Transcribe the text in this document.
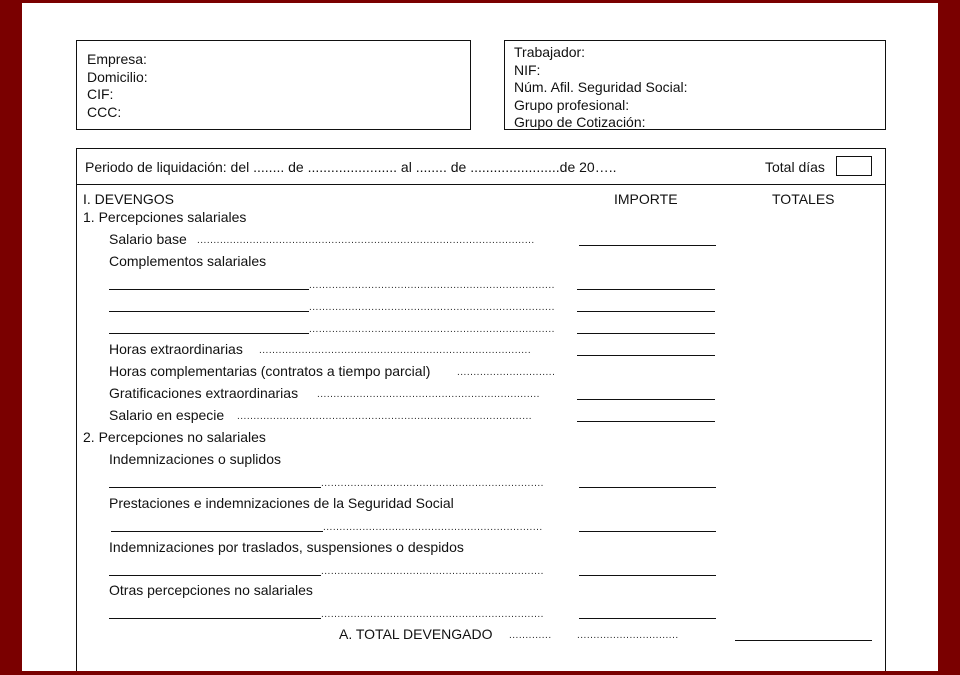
Empresa:
Domicilio:
CIF:
CCC:
Trabajador:
NIF:
Núm. Afil. Seguridad Social:
Grupo profesional:
Grupo de Cotización:
Periodo de liquidación: del ........ de ....................... al ........ de .......................de 20…..	Total días
I. DEVENGOS	IMPORTE	TOTALES
1. Percepciones salariales
Salario base .......................................................................................................
Complementos salariales
...........................................................................
...........................................................................
...........................................................................
Horas extraordinarias ...................................................................................
Horas complementarias (contratos a tiempo parcial)	..............................
Gratificaciones extraordinarias ....................................................................
Salario en especie ..........................................................................................
2. Percepciones no salariales
Indemnizaciones o suplidos
....................................................................
Prestaciones e indemnizaciones de la Seguridad Social
...................................................................
Indemnizaciones por traslados, suspensiones o despidos
....................................................................
Otras percepciones no salariales
....................................................................
A. TOTAL DEVENGADO .............	...............................
